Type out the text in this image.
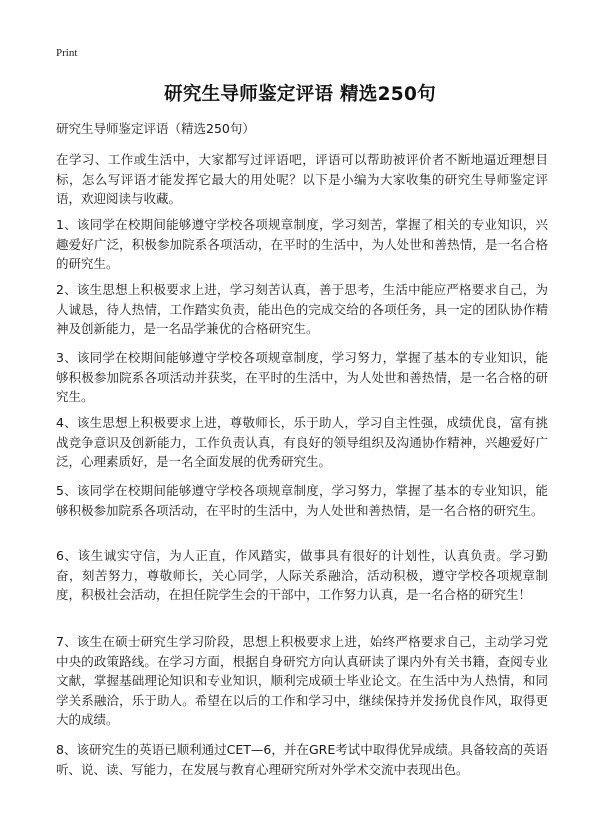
Print
研究生导师鉴定评语 精选250句
研究生导师鉴定评语（精选250句）

在学习、工作或生活中，大家都写过评语吧，评语可以帮助被评价者不断地逼近理想目标，怎么写评语才能发挥它最大的用处呢？以下是小编为大家收集的研究生导师鉴定评语，欢迎阅读与收藏。

1、该同学在校期间能够遵守学校各项规章制度，学习刻苦，掌握了相关的专业知识，兴趣爱好广泛，积极参加院系各项活动，在平时的生活中，为人处世和善热情，是一名合格的研究生。

2、该生思想上积极要求上进，学习刻苦认真，善于思考，生活中能应严格要求自己，为人诚恳，待人热情，工作踏实负责，能出色的完成交给的各项任务，具一定的团队协作精神及创新能力，是一名品学兼优的合格研究生。

3、该同学在校期间能够遵守学校各项规章制度，学习努力，掌握了基本的专业知识，能够积极参加院系各项活动并获奖，在平时的生活中，为人处世和善热情，是一名合格的研究生。

4、该生思想上积极要求上进，尊敬师长，乐于助人，学习自主性强，成绩优良，富有挑战竞争意识及创新能力，工作负责认真，有良好的领导组织及沟通协作精神，兴趣爱好广泛，心理素质好，是一名全面发展的优秀研究生。

5、该同学在校期间能够遵守学校各项规章制度，学习努力，掌握了基本的专业知识，能够积极参加院系各项活动，在平时的生活中，为人处世和善热情，是一名合格的研究生。

6、该生诚实守信，为人正直，作风踏实，做事具有很好的计划性，认真负责。学习勤奋，刻苦努力，尊敬师长，关心同学，人际关系融洽，活动积极，遵守学校各项规章制度，积极社会活动，在担任院学生会的干部中，工作努力认真，是一名合格的研究生！

7、该生在硕士研究生学习阶段，思想上积极要求上进，始终严格要求自己，主动学习党中央的政策路线。在学习方面，根据自身研究方向认真研读了课内外有关书籍，查阅专业文献，掌握基础理论知识和专业知识，顺利完成硕士毕业论文。在生活中为人热情，和同学关系融洽，乐于助人。希望在以后的工作和学习中，继续保持并发扬优良作风，取得更大的成绩。

8、该研究生的英语已顺利通过CET—6，并在GRE考试中取得优异成绩。具备较高的英语听、说、读、写能力，在发展与教育心理研究所对外学术交流中表现出色。
